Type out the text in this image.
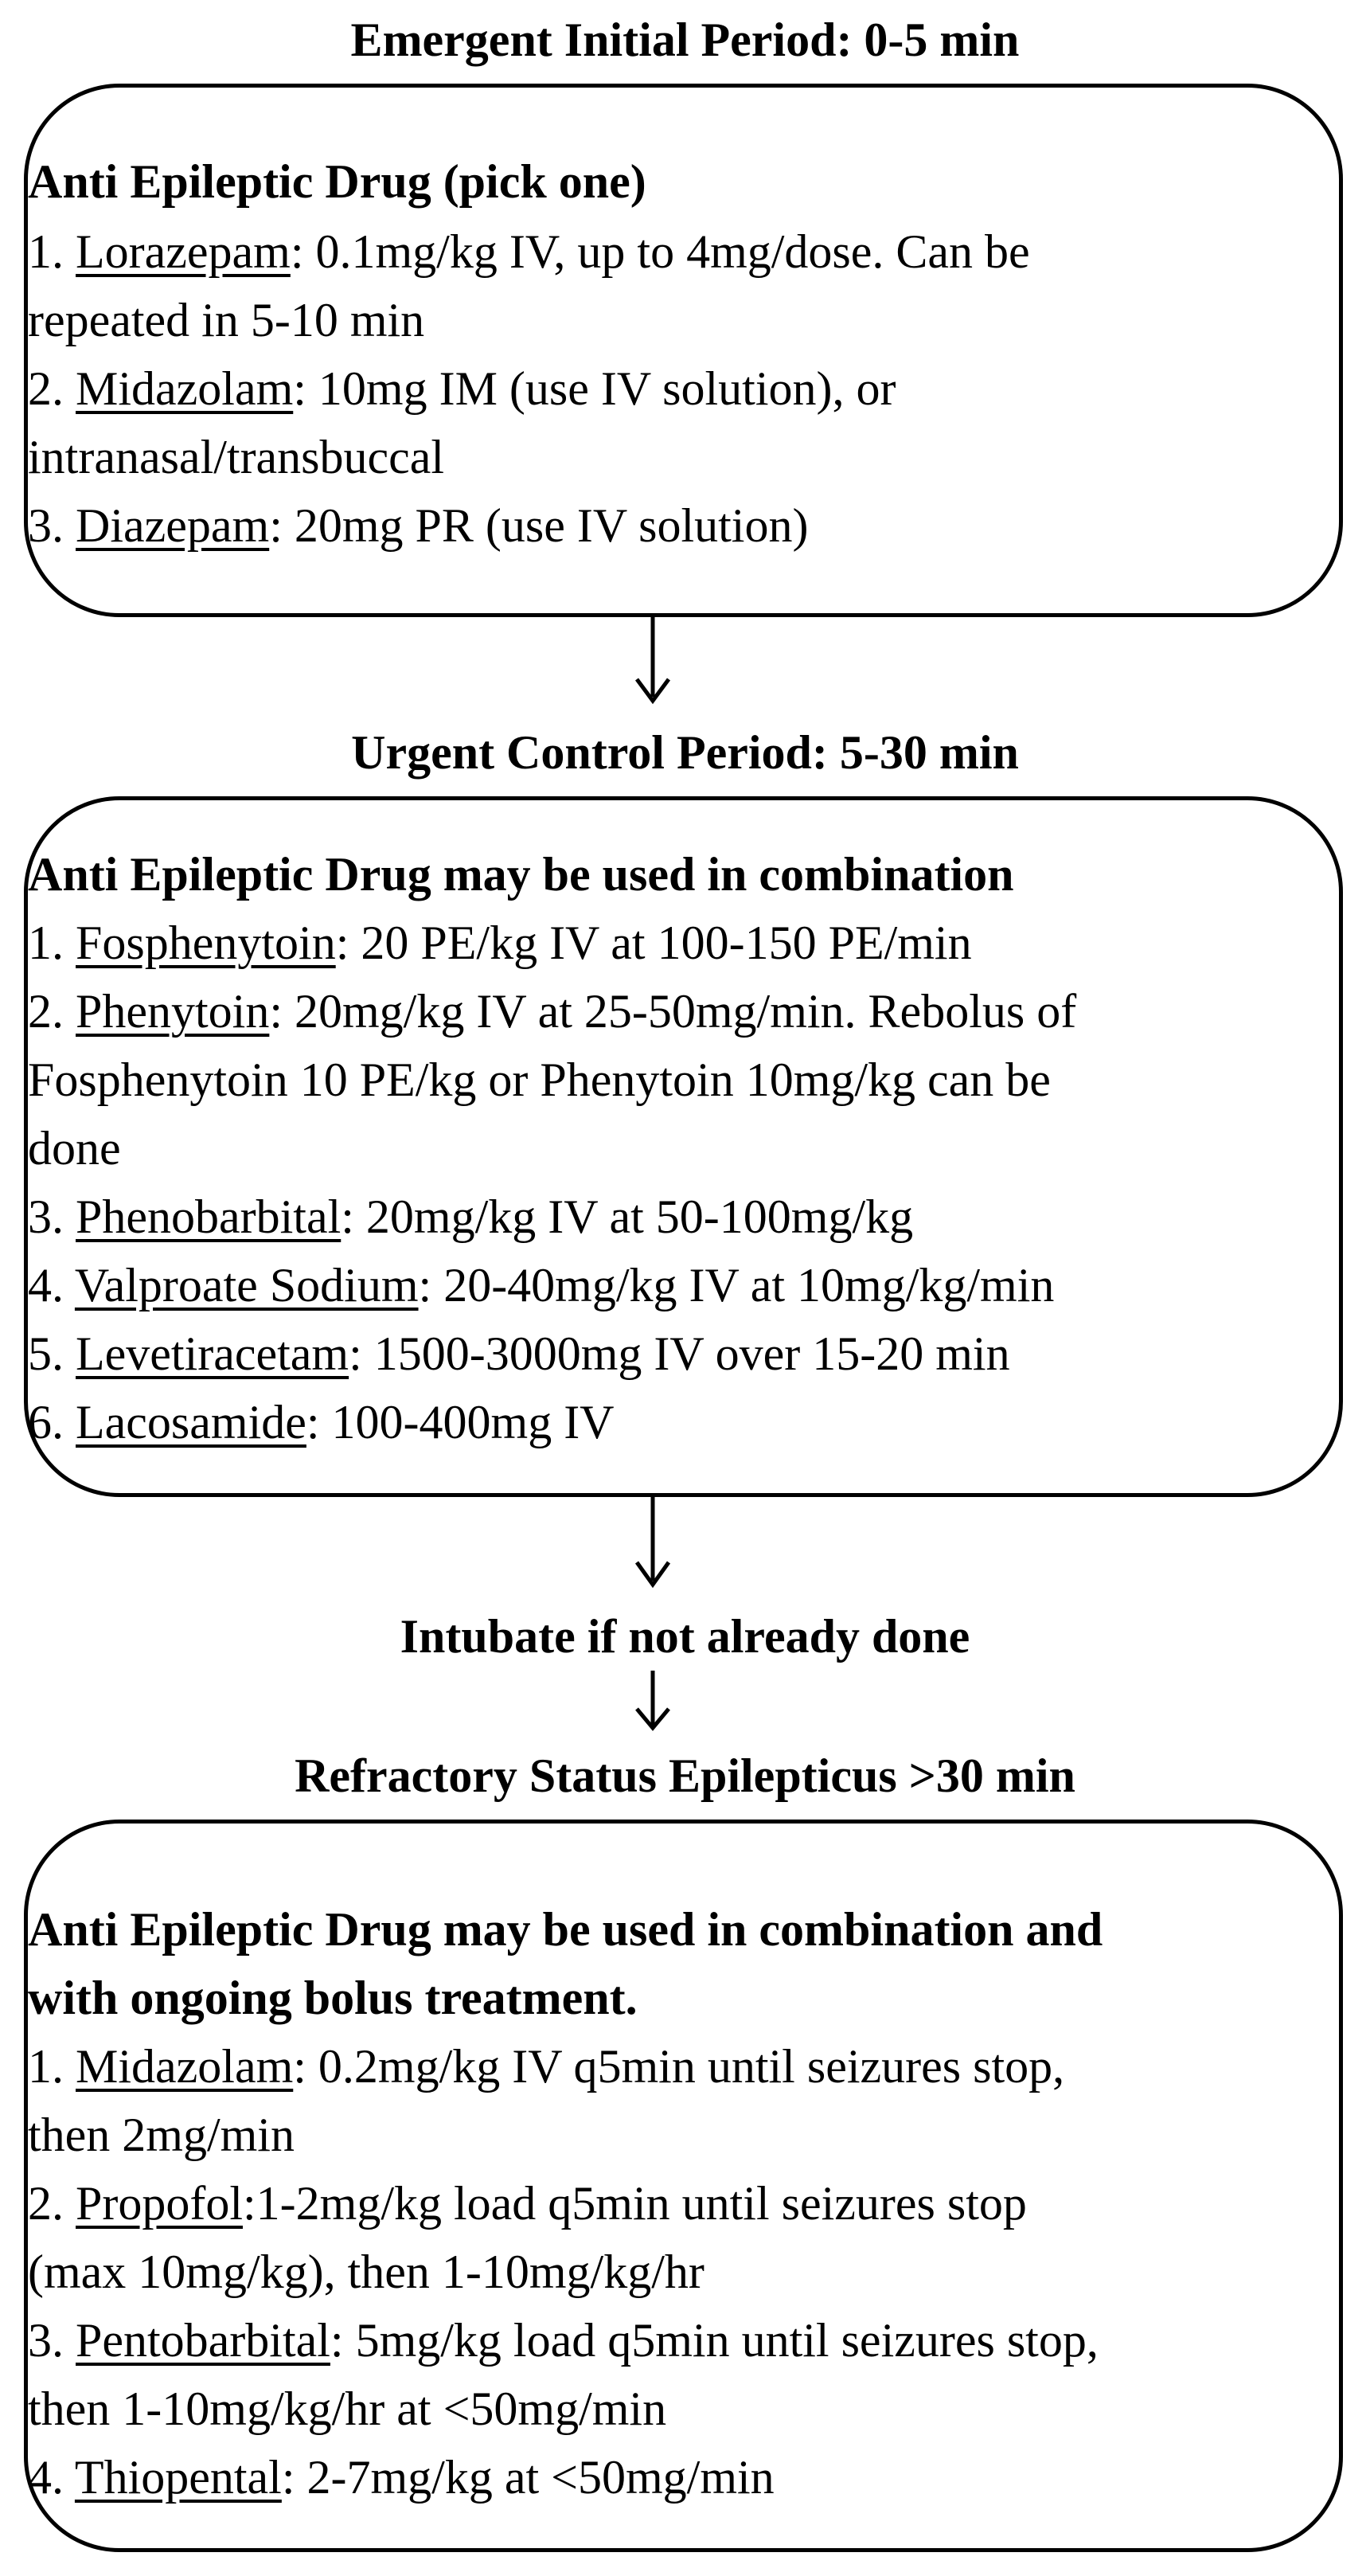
Emergent Initial Period: 0-5 min
Anti Epileptic Drug (pick one)
1. Lorazepam: 0.1mg/kg IV, up to 4mg/dose. Can be
repeated in 5-10 min
2. Midazolam: 10mg IM (use IV solution), or
intranasal/transbuccal
3. Diazepam: 20mg PR (use IV solution)
Urgent Control Period: 5-30 min
Anti Epileptic Drug may be used in combination
1. Fosphenytoin: 20 PE/kg IV at 100-150 PE/min
2. Phenytoin: 20mg/kg IV at 25-50mg/min. Rebolus of
Fosphenytoin 10 PE/kg or Phenytoin 10mg/kg can be
done
3. Phenobarbital: 20mg/kg IV at 50-100mg/kg
4. Valproate Sodium: 20-40mg/kg IV at 10mg/kg/min
5. Levetiracetam: 1500-3000mg IV over 15-20 min
6. Lacosamide: 100-400mg IV
Intubate if not already done
Refractory Status Epilepticus >30 min
Anti Epileptic Drug may be used in combination and
with ongoing bolus treatment.
1. Midazolam: 0.2mg/kg IV q5min until seizures stop,
then 2mg/min
2. Propofol:1-2mg/kg load q5min until seizures stop
(max 10mg/kg), then 1-10mg/kg/hr
3. Pentobarbital: 5mg/kg load q5min until seizures stop,
then 1-10mg/kg/hr at <50mg/min
4. Thiopental: 2-7mg/kg at <50mg/min
